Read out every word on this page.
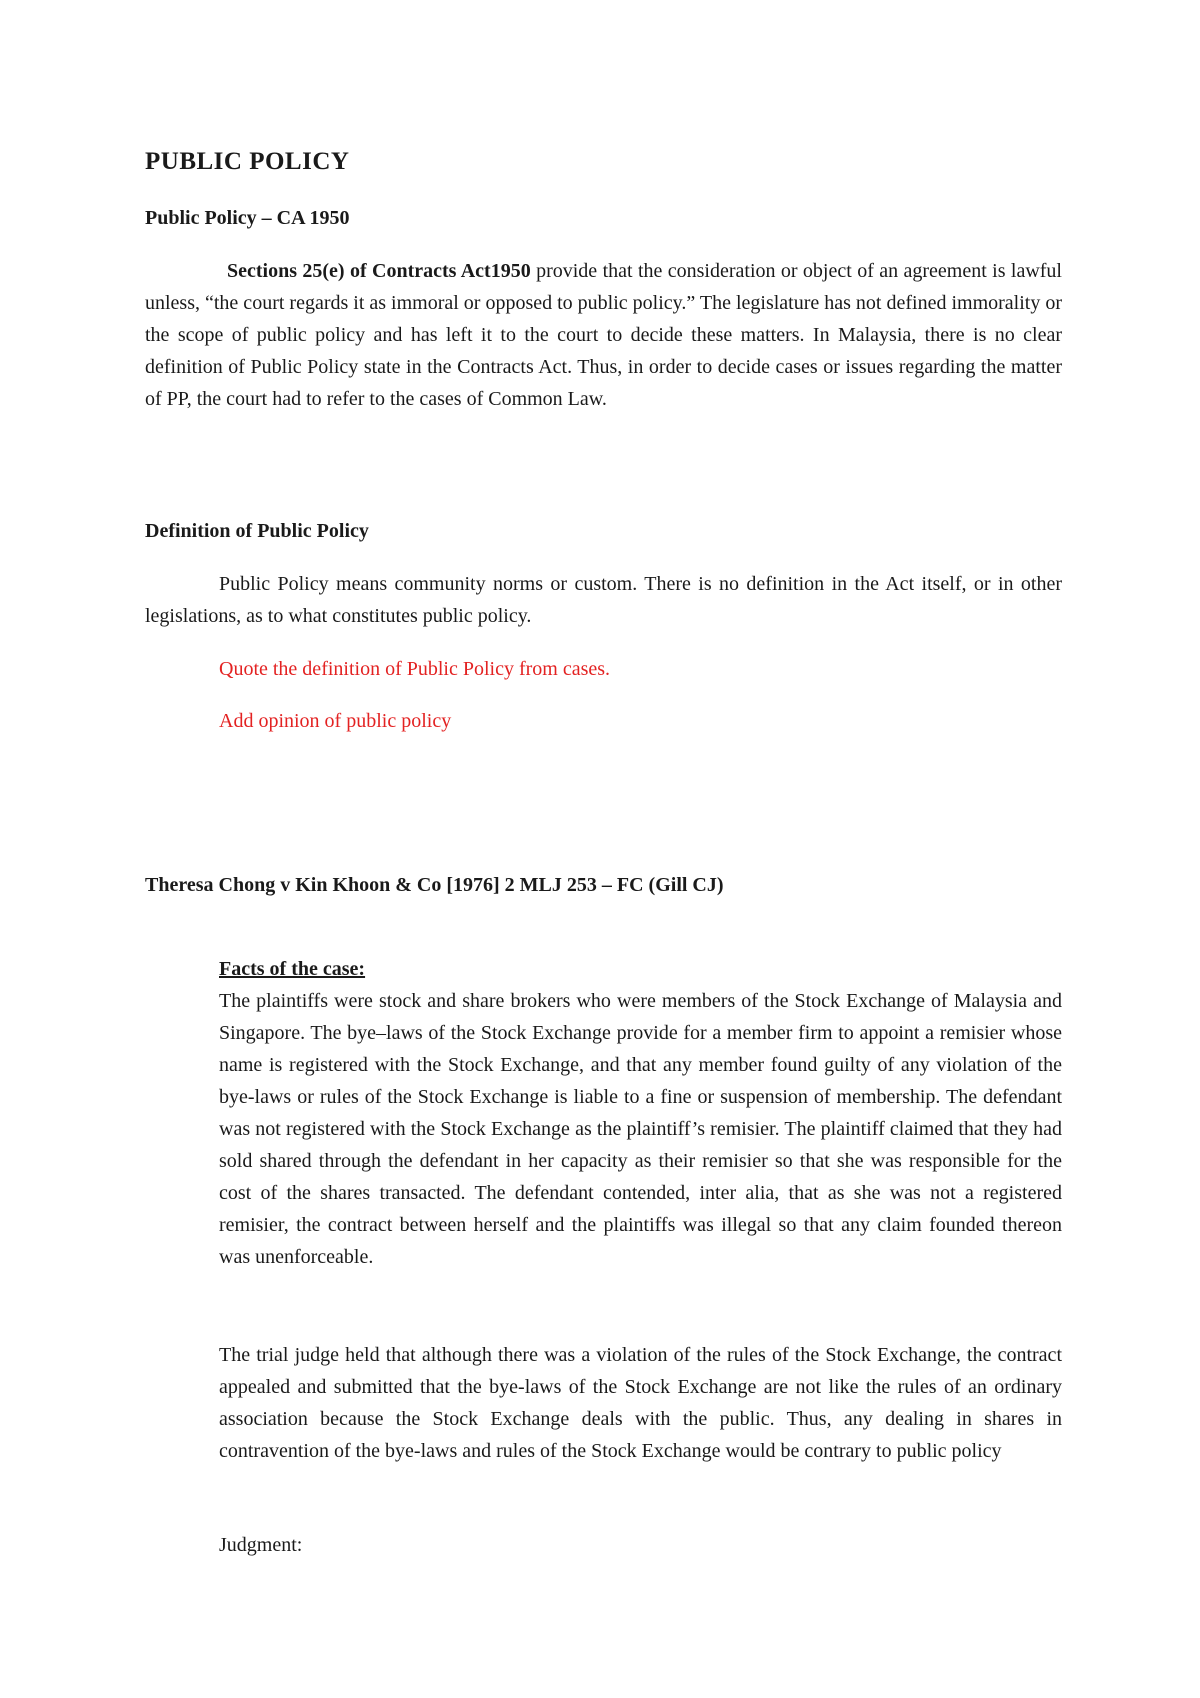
PUBLIC POLICY
Public Policy – CA 1950

Sections 25(e) of Contracts Act1950 provide that the consideration or object of an agreement is lawful unless, “the court regards it as immoral or opposed to public policy.” The legislature has not defined immorality or the scope of public policy and has left it to the court to decide these matters. In Malaysia, there is no clear definition of Public Policy state in the Contracts Act. Thus, in order to decide cases or issues regarding the matter of PP, the court had to refer to the cases of Common Law.

Definition of Public Policy

Public Policy means community norms or custom. There is no definition in the Act itself, or in other legislations, as to what constitutes public policy.

Quote the definition of Public Policy from cases.
Add opinion of public policy
Theresa Chong v Kin Khoon & Co [1976] 2 MLJ 253 – FC (Gill CJ)
Facts of the case:

The plaintiffs were stock and share brokers who were members of the Stock Exchange of Malaysia and Singapore. The bye–laws of the Stock Exchange provide for a member firm to appoint a remisier whose name is registered with the Stock Exchange, and that any member found guilty of any violation of the bye-laws or rules of the Stock Exchange is liable to a fine or suspension of membership. The defendant was not registered with the Stock Exchange as the plaintiff’s remisier. The plaintiff claimed that they had sold shared through the defendant in her capacity as their remisier so that she was responsible for the cost of the shares transacted. The defendant contended, inter alia, that as she was not a registered remisier, the contract between herself and the plaintiffs was illegal so that any claim founded thereon was unenforceable.

The trial judge held that although there was a violation of the rules of the Stock Exchange, the contract appealed and submitted that the bye-laws of the Stock Exchange are not like the rules of an ordinary association because the Stock Exchange deals with the public. Thus, any dealing in shares in contravention of the bye-laws and rules of the Stock Exchange would be contrary to public policy

Judgment:
